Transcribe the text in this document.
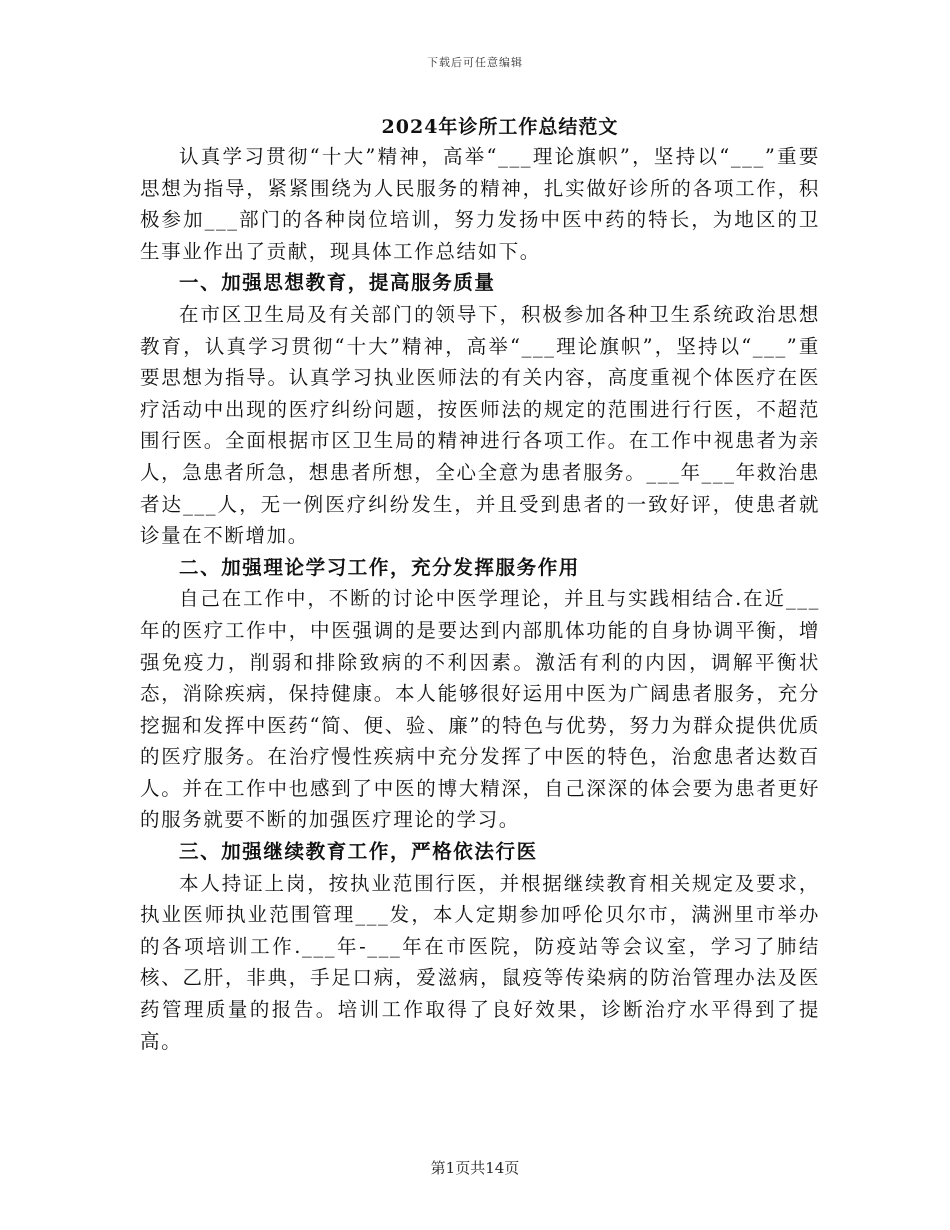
下载后可任意编辑
2024年诊所工作总结范文

认真学习贯彻“十大”精神，高举“___理论旗帜”，坚持以“___”重要思想为指导，紧紧围绕为人民服务的精神，扎实做好诊所的各项工作，积极参加___部门的各种岗位培训，努力发扬中医中药的特长，为地区的卫生事业作出了贡献，现具体工作总结如下。

一、加强思想教育，提高服务质量

在市区卫生局及有关部门的领导下，积极参加各种卫生系统政治思想教育，认真学习贯彻“十大”精神，高举“___理论旗帜”，坚持以“___”重要思想为指导。认真学习执业医师法的有关内容，高度重视个体医疗在医疗活动中出现的医疗纠纷问题，按医师法的规定的范围进行行医，不超范围行医。全面根据市区卫生局的精神进行各项工作。在工作中视患者为亲人，急患者所急，想患者所想，全心全意为患者服务。___年___年救治患者达___人，无一例医疗纠纷发生，并且受到患者的一致好评，使患者就诊量在不断增加。

二、加强理论学习工作，充分发挥服务作用

自己在工作中，不断的讨论中医学理论，并且与实践相结合.在近___年的医疗工作中，中医强调的是要达到内部肌体功能的自身协调平衡，增强免疫力，削弱和排除致病的不利因素。激活有利的内因，调解平衡状态，消除疾病，保持健康。本人能够很好运用中医为广阔患者服务，充分挖掘和发挥中医药“简、便、验、廉”的特色与优势，努力为群众提供优质的医疗服务。在治疗慢性疾病中充分发挥了中医的特色，治愈患者达数百人。并在工作中也感到了中医的博大精深，自己深深的体会要为患者更好的服务就要不断的加强医疗理论的学习。

三、加强继续教育工作，严格依法行医

本人持证上岗，按执业范围行医，并根据继续教育相关规定及要求，执业医师执业范围管理___发，本人定期参加呼伦贝尔市，满洲里市举办的各项培训工作.___年-___年在市医院，防疫站等会议室，学习了肺结核、乙肝，非典，手足口病，爱滋病，鼠疫等传染病的防治管理办法及医药管理质量的报告。培训工作取得了良好效果，诊断治疗水平得到了提高。

第1页共14页
